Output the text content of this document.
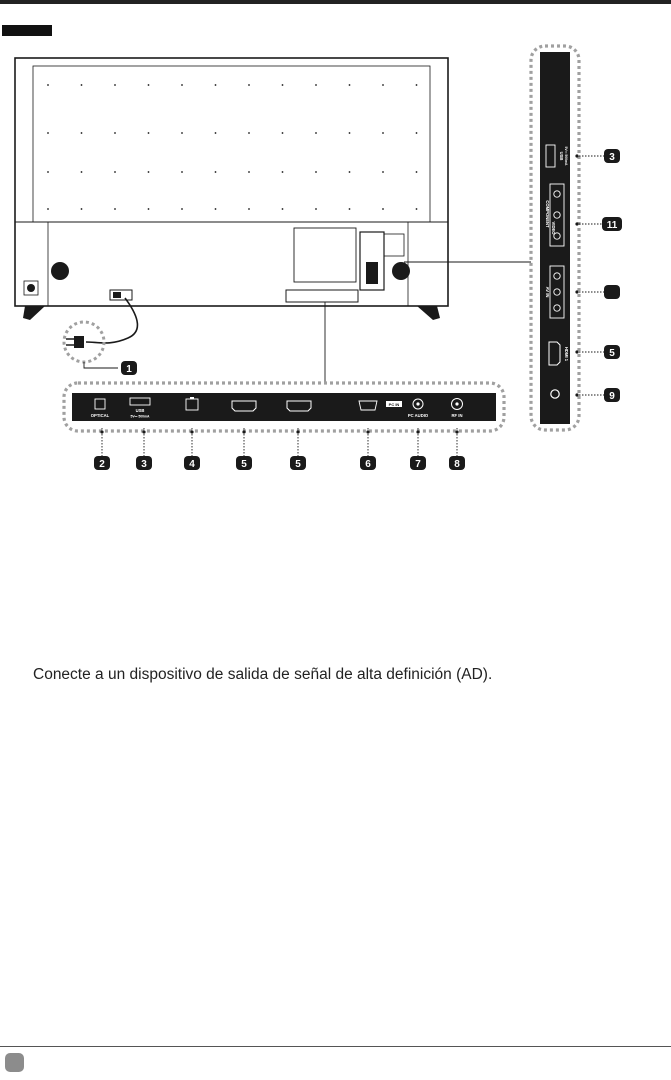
OPTICAL
USB
5V⎓ 500mA
PC IN
PC AUDIO	RF IN
USB 5V⎓ 500mA
COMPONENT
VIDEO
AV IN
HDMI 1
1
2	3	4	5	5	6	7	8
3
11
5
9
Conecte a un dispositivo de salida de señal de alta definición (AD).
